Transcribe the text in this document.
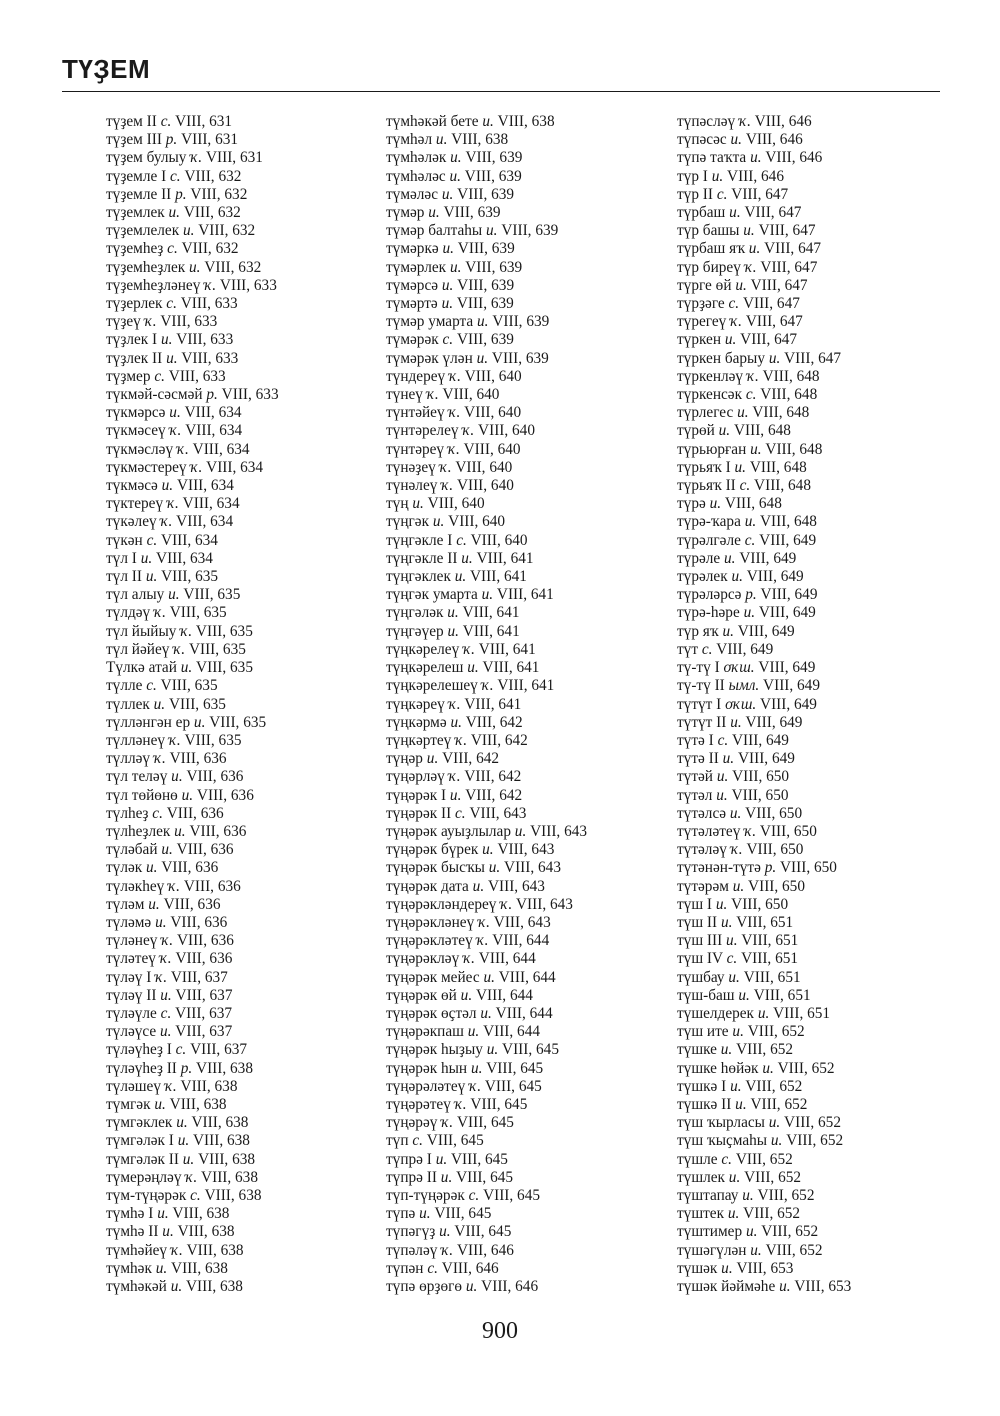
ТҮҘЕМ
түҙем II с. VIII, 631
түҙем III р. VIII, 631
түҙем булыу ҡ. VIII, 631
түҙемле I с. VIII, 632
түҙемле II р. VIII, 632
түҙемлек и. VIII, 632
түҙемлелек и. VIII, 632
түҙемһеҙ с. VIII, 632
түҙемһеҙлек и. VIII, 632
түҙемһеҙләнеү ҡ. VIII, 633
түҙерлек с. VIII, 633
түҙеү ҡ. VIII, 633
түҙлек I и. VIII, 633
түҙлек II и. VIII, 633
түҙмер с. VIII, 633
түкмәй-сәсмәй р. VIII, 633
түкмәрсә и. VIII, 634
түкмәсеү ҡ. VIII, 634
түкмәсләү ҡ. VIII, 634
түкмәстереү ҡ. VIII, 634
түкмәсә и. VIII, 634
түктереү ҡ. VIII, 634
түкәлеү ҡ. VIII, 634
түкән с. VIII, 634
түл I и. VIII, 634
түл II и. VIII, 635
түл алыу и. VIII, 635
түлдәү ҡ. VIII, 635
түл йыйыу ҡ. VIII, 635
түл йәйеү ҡ. VIII, 635
Түлкә атай и. VIII, 635
түлле с. VIII, 635
түллек и. VIII, 635
түлләнгән ер и. VIII, 635
түлләнеү ҡ. VIII, 635
түлләү ҡ. VIII, 636
түл теләү и. VIII, 636
түл төйөнө и. VIII, 636
түлһеҙ с. VIII, 636
түлһеҙлек и. VIII, 636
түләбай и. VIII, 636
түләк и. VIII, 636
түләкһеү ҡ. VIII, 636
түләм и. VIII, 636
түләмә и. VIII, 636
түләнеү ҡ. VIII, 636
түләтеү ҡ. VIII, 636
түләү I ҡ. VIII, 637
түләү II и. VIII, 637
түләүле с. VIII, 637
түләүсе и. VIII, 637
түләүһеҙ I с. VIII, 637
түләүһеҙ II р. VIII, 638
түләшеү ҡ. VIII, 638
түмгәк и. VIII, 638
түмгәклек и. VIII, 638
түмгәләк I и. VIII, 638
түмгәләк II и. VIII, 638
түмерәңләү ҡ. VIII, 638
түм-түңәрәк с. VIII, 638
түмһә I и. VIII, 638
түмһә II и. VIII, 638
түмһәйеү ҡ. VIII, 638
түмһәк и. VIII, 638
түмһәкәй и. VIII, 638
түмһәкәй бете и. VIII, 638
түмһәл и. VIII, 638
түмһәләк и. VIII, 639
түмһәләс и. VIII, 639
түмәләс и. VIII, 639
түмәр и. VIII, 639
түмәр балтаһы и. VIII, 639
түмәркә и. VIII, 639
түмәрлек и. VIII, 639
түмәрсә и. VIII, 639
түмәртә и. VIII, 639
түмәр умарта и. VIII, 639
түмәрәк с. VIII, 639
түмәрәк үлән и. VIII, 639
түндереү ҡ. VIII, 640
түнеү ҡ. VIII, 640
түнтәйеү ҡ. VIII, 640
түнтәрелеү ҡ. VIII, 640
түнтәреү ҡ. VIII, 640
түнәҙеү ҡ. VIII, 640
түнәлеү ҡ. VIII, 640
түң и. VIII, 640
түңгәк и. VIII, 640
түңгәкле I с. VIII, 640
түңгәкле II и. VIII, 641
түңгәклек и. VIII, 641
түңгәк умарта и. VIII, 641
түңгәләк и. VIII, 641
түңгәүер и. VIII, 641
түңкәрелеү ҡ. VIII, 641
түңкәрелеш и. VIII, 641
түңкәрелешеү ҡ. VIII, 641
түңкәреү ҡ. VIII, 641
түңкәрмә и. VIII, 642
түңкәртеү ҡ. VIII, 642
түңәр и. VIII, 642
түңәрләү ҡ. VIII, 642
түңәрәк I и. VIII, 642
түңәрәк II с. VIII, 643
түңәрәк ауыҙлылар и. VIII, 643
түңәрәк бүрек и. VIII, 643
түңәрәк бысҡы и. VIII, 643
түңәрәк дата и. VIII, 643
түңәрәкләндереү ҡ. VIII, 643
түңәрәкләнеү ҡ. VIII, 643
түңәрәкләтеү ҡ. VIII, 644
түңәрәкләү ҡ. VIII, 644
түңәрәк мейес и. VIII, 644
түңәрәк өй и. VIII, 644
түңәрәк өҫтәл и. VIII, 644
түңәрәкпаш и. VIII, 644
түңәрәк һыҙыу и. VIII, 645
түңәрәк һын и. VIII, 645
түңәрәләтеү ҡ. VIII, 645
түңәрәтеү ҡ. VIII, 645
түңәрәү ҡ. VIII, 645
түп с. VIII, 645
түпрә I и. VIII, 645
түпрә II и. VIII, 645
түп-түңәрәк с. VIII, 645
түпә и. VIII, 645
түпәгүҙ и. VIII, 645
түпәләү ҡ. VIII, 646
түпән с. VIII, 646
түпә өрҙөгө и. VIII, 646
түпәсләү ҡ. VIII, 646
түпәсәс и. VIII, 646
түпә таҡта и. VIII, 646
түр I и. VIII, 646
түр II с. VIII, 647
түрбаш и. VIII, 647
түр башы и. VIII, 647
түрбаш яҡ и. VIII, 647
түр биреү ҡ. VIII, 647
түрге өй и. VIII, 647
түрҙәге с. VIII, 647
түрегеү ҡ. VIII, 647
түркен и. VIII, 647
түркен барыу и. VIII, 647
түркенләү ҡ. VIII, 648
түркенсәк с. VIII, 648
түрлегес и. VIII, 648
түрөй и. VIII, 648
түрьюрған и. VIII, 648
түрьяҡ I и. VIII, 648
түрьяҡ II с. VIII, 648
түрә и. VIII, 648
түрә-ҡара и. VIII, 648
түрәлгәле с. VIII, 649
түрәле и. VIII, 649
түрәлек и. VIII, 649
түрәләрсә р. VIII, 649
түрә-һәре и. VIII, 649
түр яҡ и. VIII, 649
түт с. VIII, 649
тү-тү I оҡш. VIII, 649
тү-тү II ымл. VIII, 649
түтүт I оҡш. VIII, 649
түтүт II и. VIII, 649
түтә I с. VIII, 649
түтә II и. VIII, 649
түтәй и. VIII, 650
түтәл и. VIII, 650
түтәлсә и. VIII, 650
түтәләтеү ҡ. VIII, 650
түтәләү ҡ. VIII, 650
түтәнән-түтә р. VIII, 650
түтәрәм и. VIII, 650
түш I и. VIII, 650
түш II и. VIII, 651
түш III и. VIII, 651
түш IV с. VIII, 651
түшбау и. VIII, 651
түш-баш и. VIII, 651
түшелдерек и. VIII, 651
түш ите и. VIII, 652
түшке и. VIII, 652
түшке һөйәк и. VIII, 652
түшкә I и. VIII, 652
түшкә II и. VIII, 652
түш ҡырласы и. VIII, 652
түш ҡыҫмаһы и. VIII, 652
түшле с. VIII, 652
түшлек и. VIII, 652
түштапау и. VIII, 652
түштек и. VIII, 652
түштимер и. VIII, 652
түшәгүлән и. VIII, 652
түшәк и. VIII, 653
түшәк йәймәһе и. VIII, 653
900
